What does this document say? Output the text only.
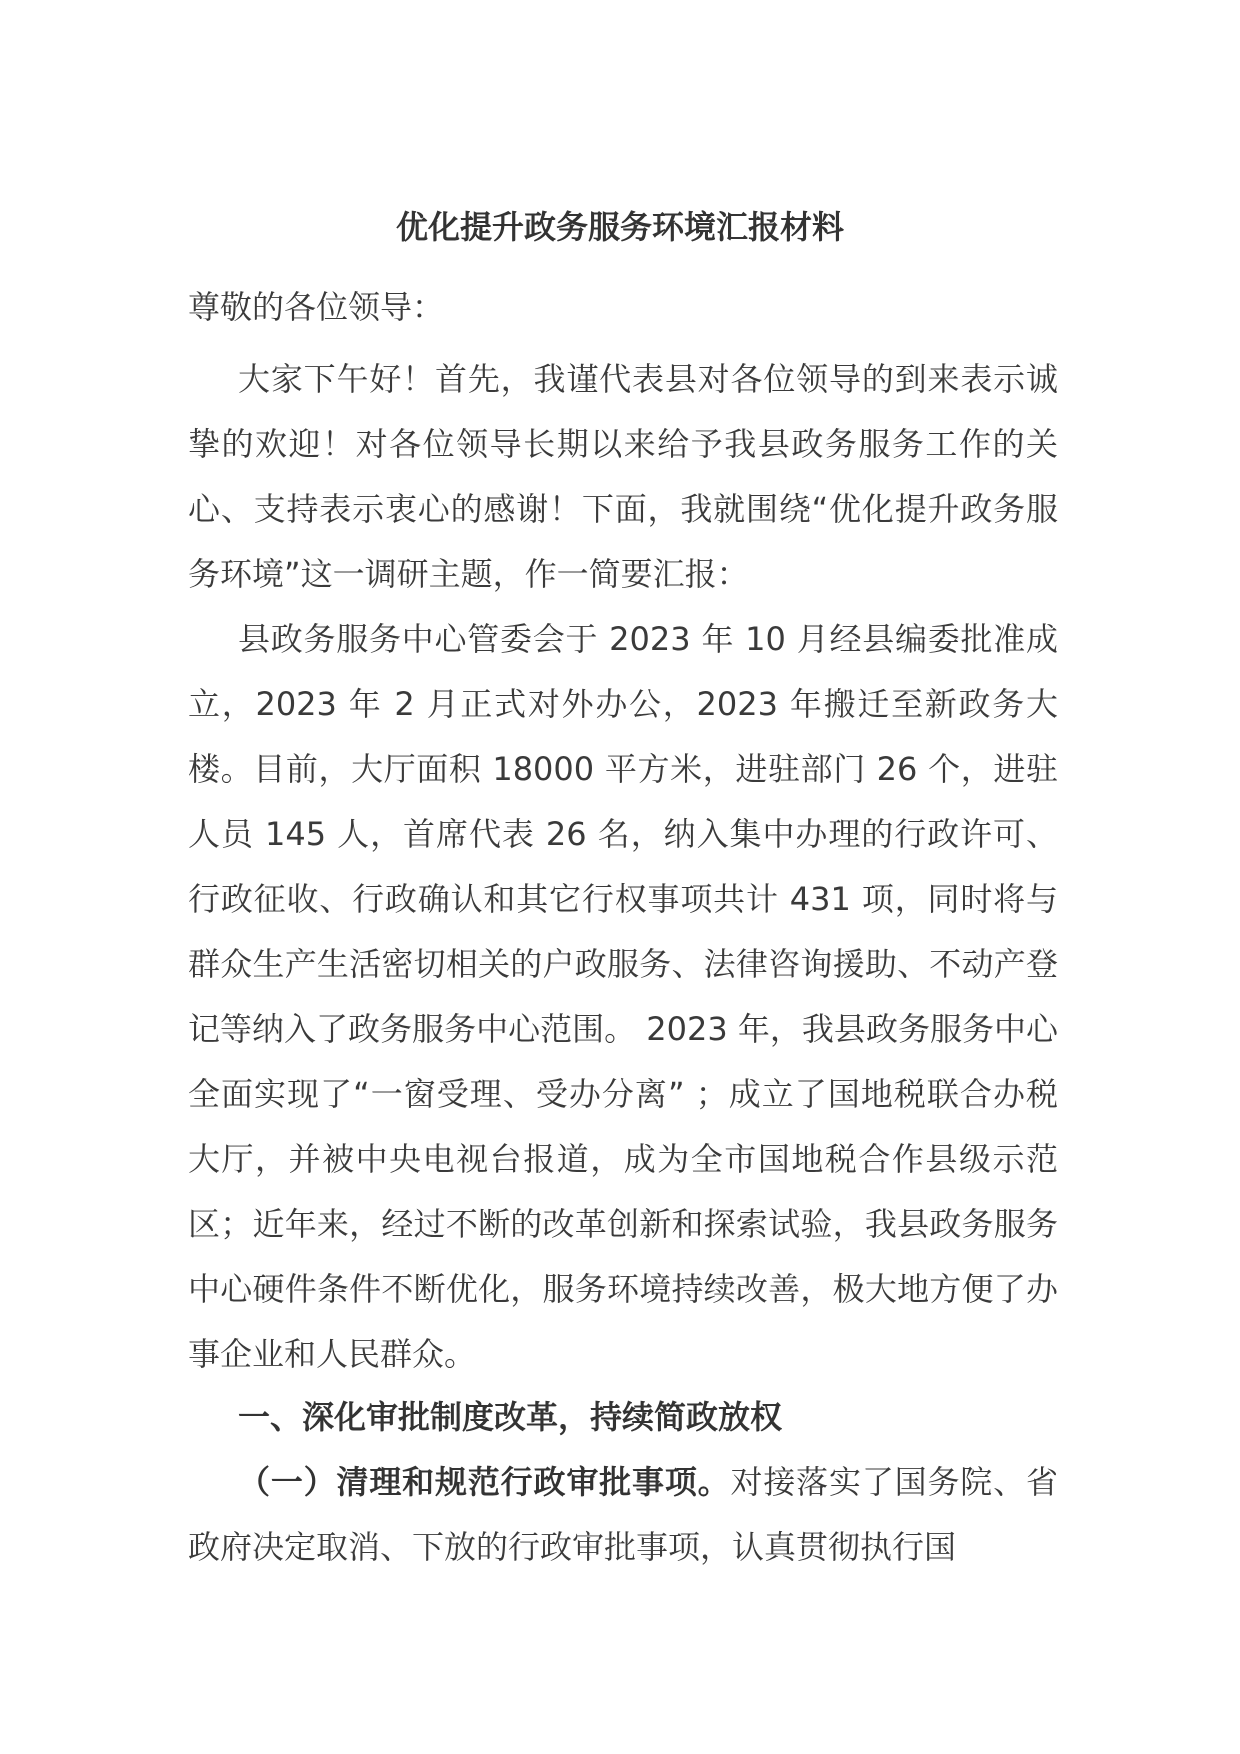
优化提升政务服务环境汇报材料

尊敬的各位领导：

大家下午好！首先，我谨代表县对各位领导的到来表示诚挚的欢迎！对各位领导长期以来给予我县政务服务工作的关心、支持表示衷心的感谢！下面，我就围绕“优化提升政务服务环境”这一调研主题，作一简要汇报：

县政务服务中心管委会于 2023 年 10 月经县编委批准成立，2023 年 2 月正式对外办公，2023 年搬迁至新政务大楼。目前，大厅面积 18000 平方米，进驻部门 26 个，进驻人员 145 人，首席代表 26 名，纳入集中办理的行政许可、行政征收、行政确认和其它行权事项共计 431 项，同时将与群众生产生活密切相关的户政服务、法律咨询援助、不动产登记等纳入了政务服务中心范围。 2023 年，我县政务服务中心全面实现了“一窗受理、受办分离” ；成立了国地税联合办税大厅，并被中央电视台报道，成为全市国地税合作县级示范区；近年来，经过不断的改革创新和探索试验，我县政务服务中心硬件条件不断优化，服务环境持续改善，极大地方便了办事企业和人民群众。

一、深化审批制度改革，持续简政放权

（一）清理和规范行政审批事项。对接落实了国务院、省政府决定取消、下放的行政审批事项，认真贯彻执行国
